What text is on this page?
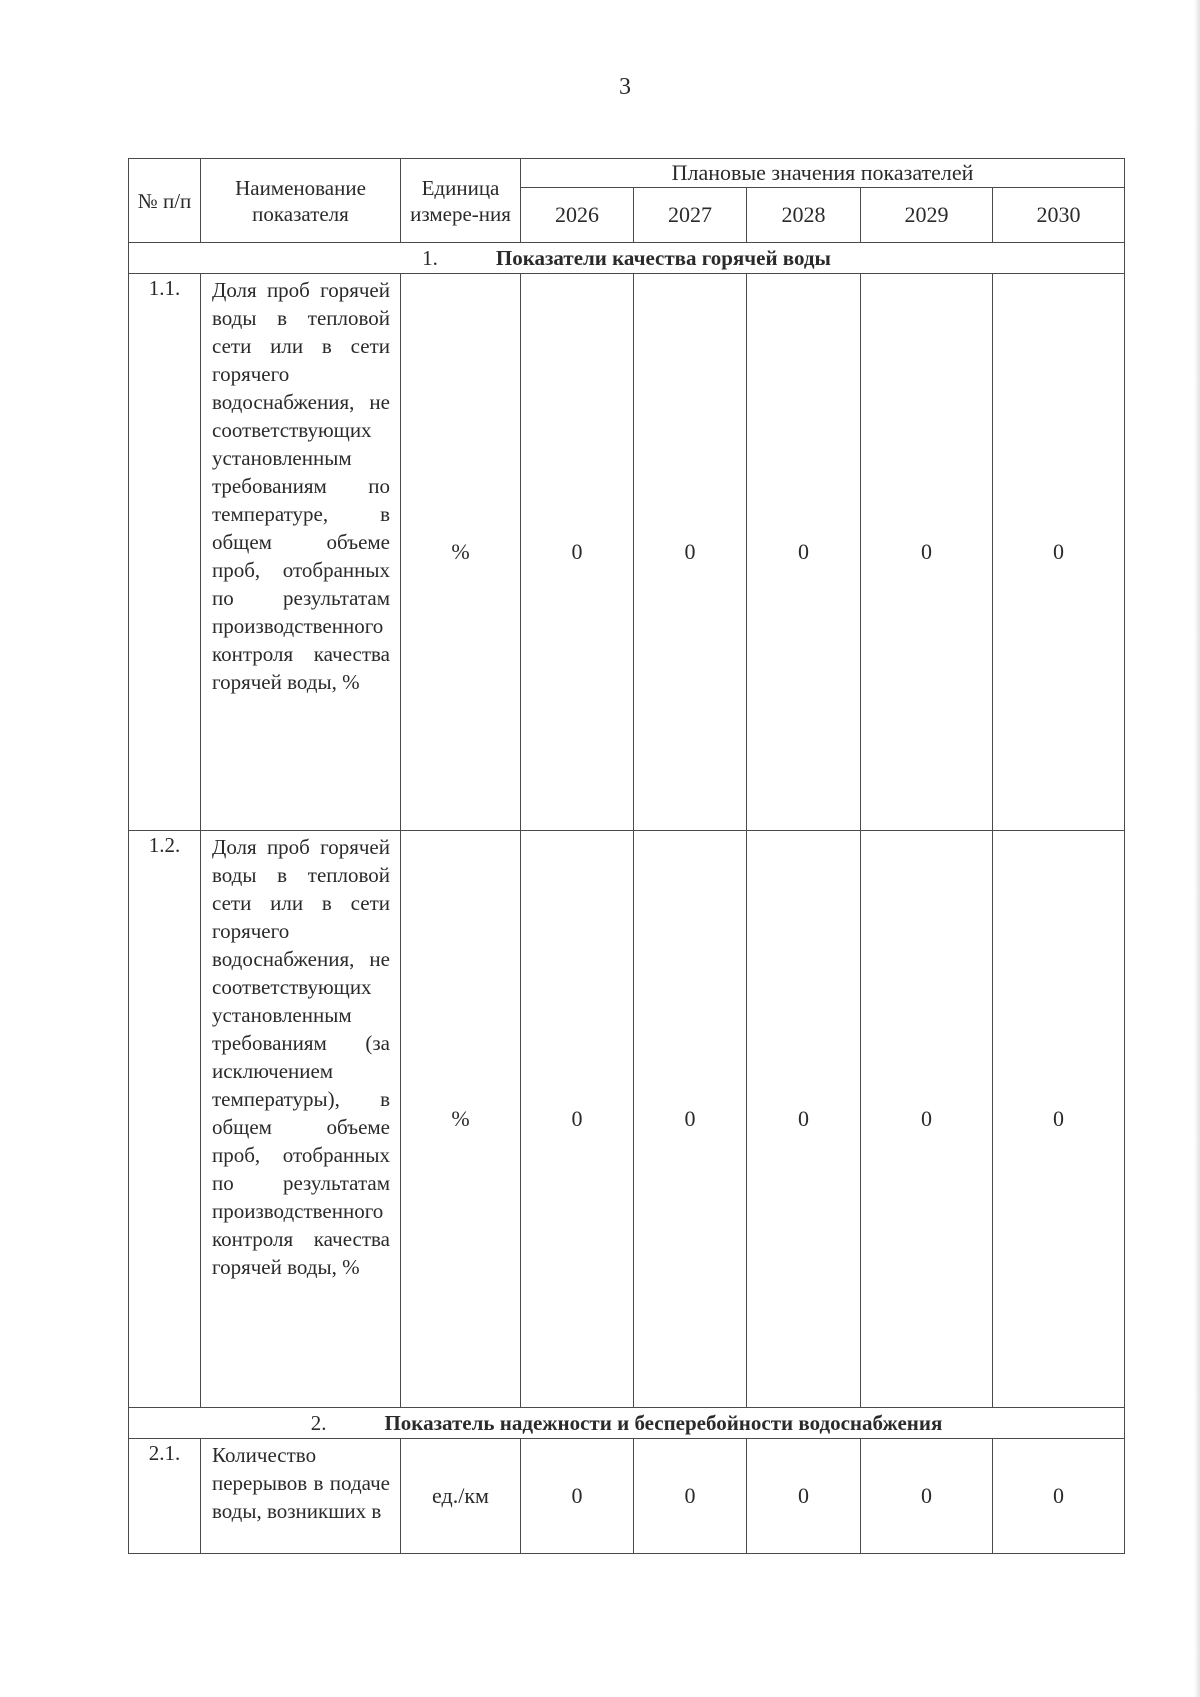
3
№ п/п	Наименование показателя	Единица измере-ния	Плановые значения показателей				
			2026	2027	2028	2029	2030
1. Показатели качества горячей воды							
1.1.	Доля проб горячей воды в тепловой сети или в сети горячего водоснабжения, не соответствующих установленным требованиям по температуре, в общем объеме проб, отобранных по результатам производственного контроля качества горячей воды, %	%	0	0	0	0	0
1.2.	Доля проб горячей воды в тепловой сети или в сети горячего водоснабжения, не соответствующих установленным требованиям (за исключением температуры), в общем объеме проб, отобранных по результатам производственного контроля качества горячей воды, %	%	0	0	0	0	0
2. Показатель надежности и бесперебойности водоснабжения							
2.1.	Количество перерывов в подаче воды, возникших в	ед./км	0	0	0	0	0
